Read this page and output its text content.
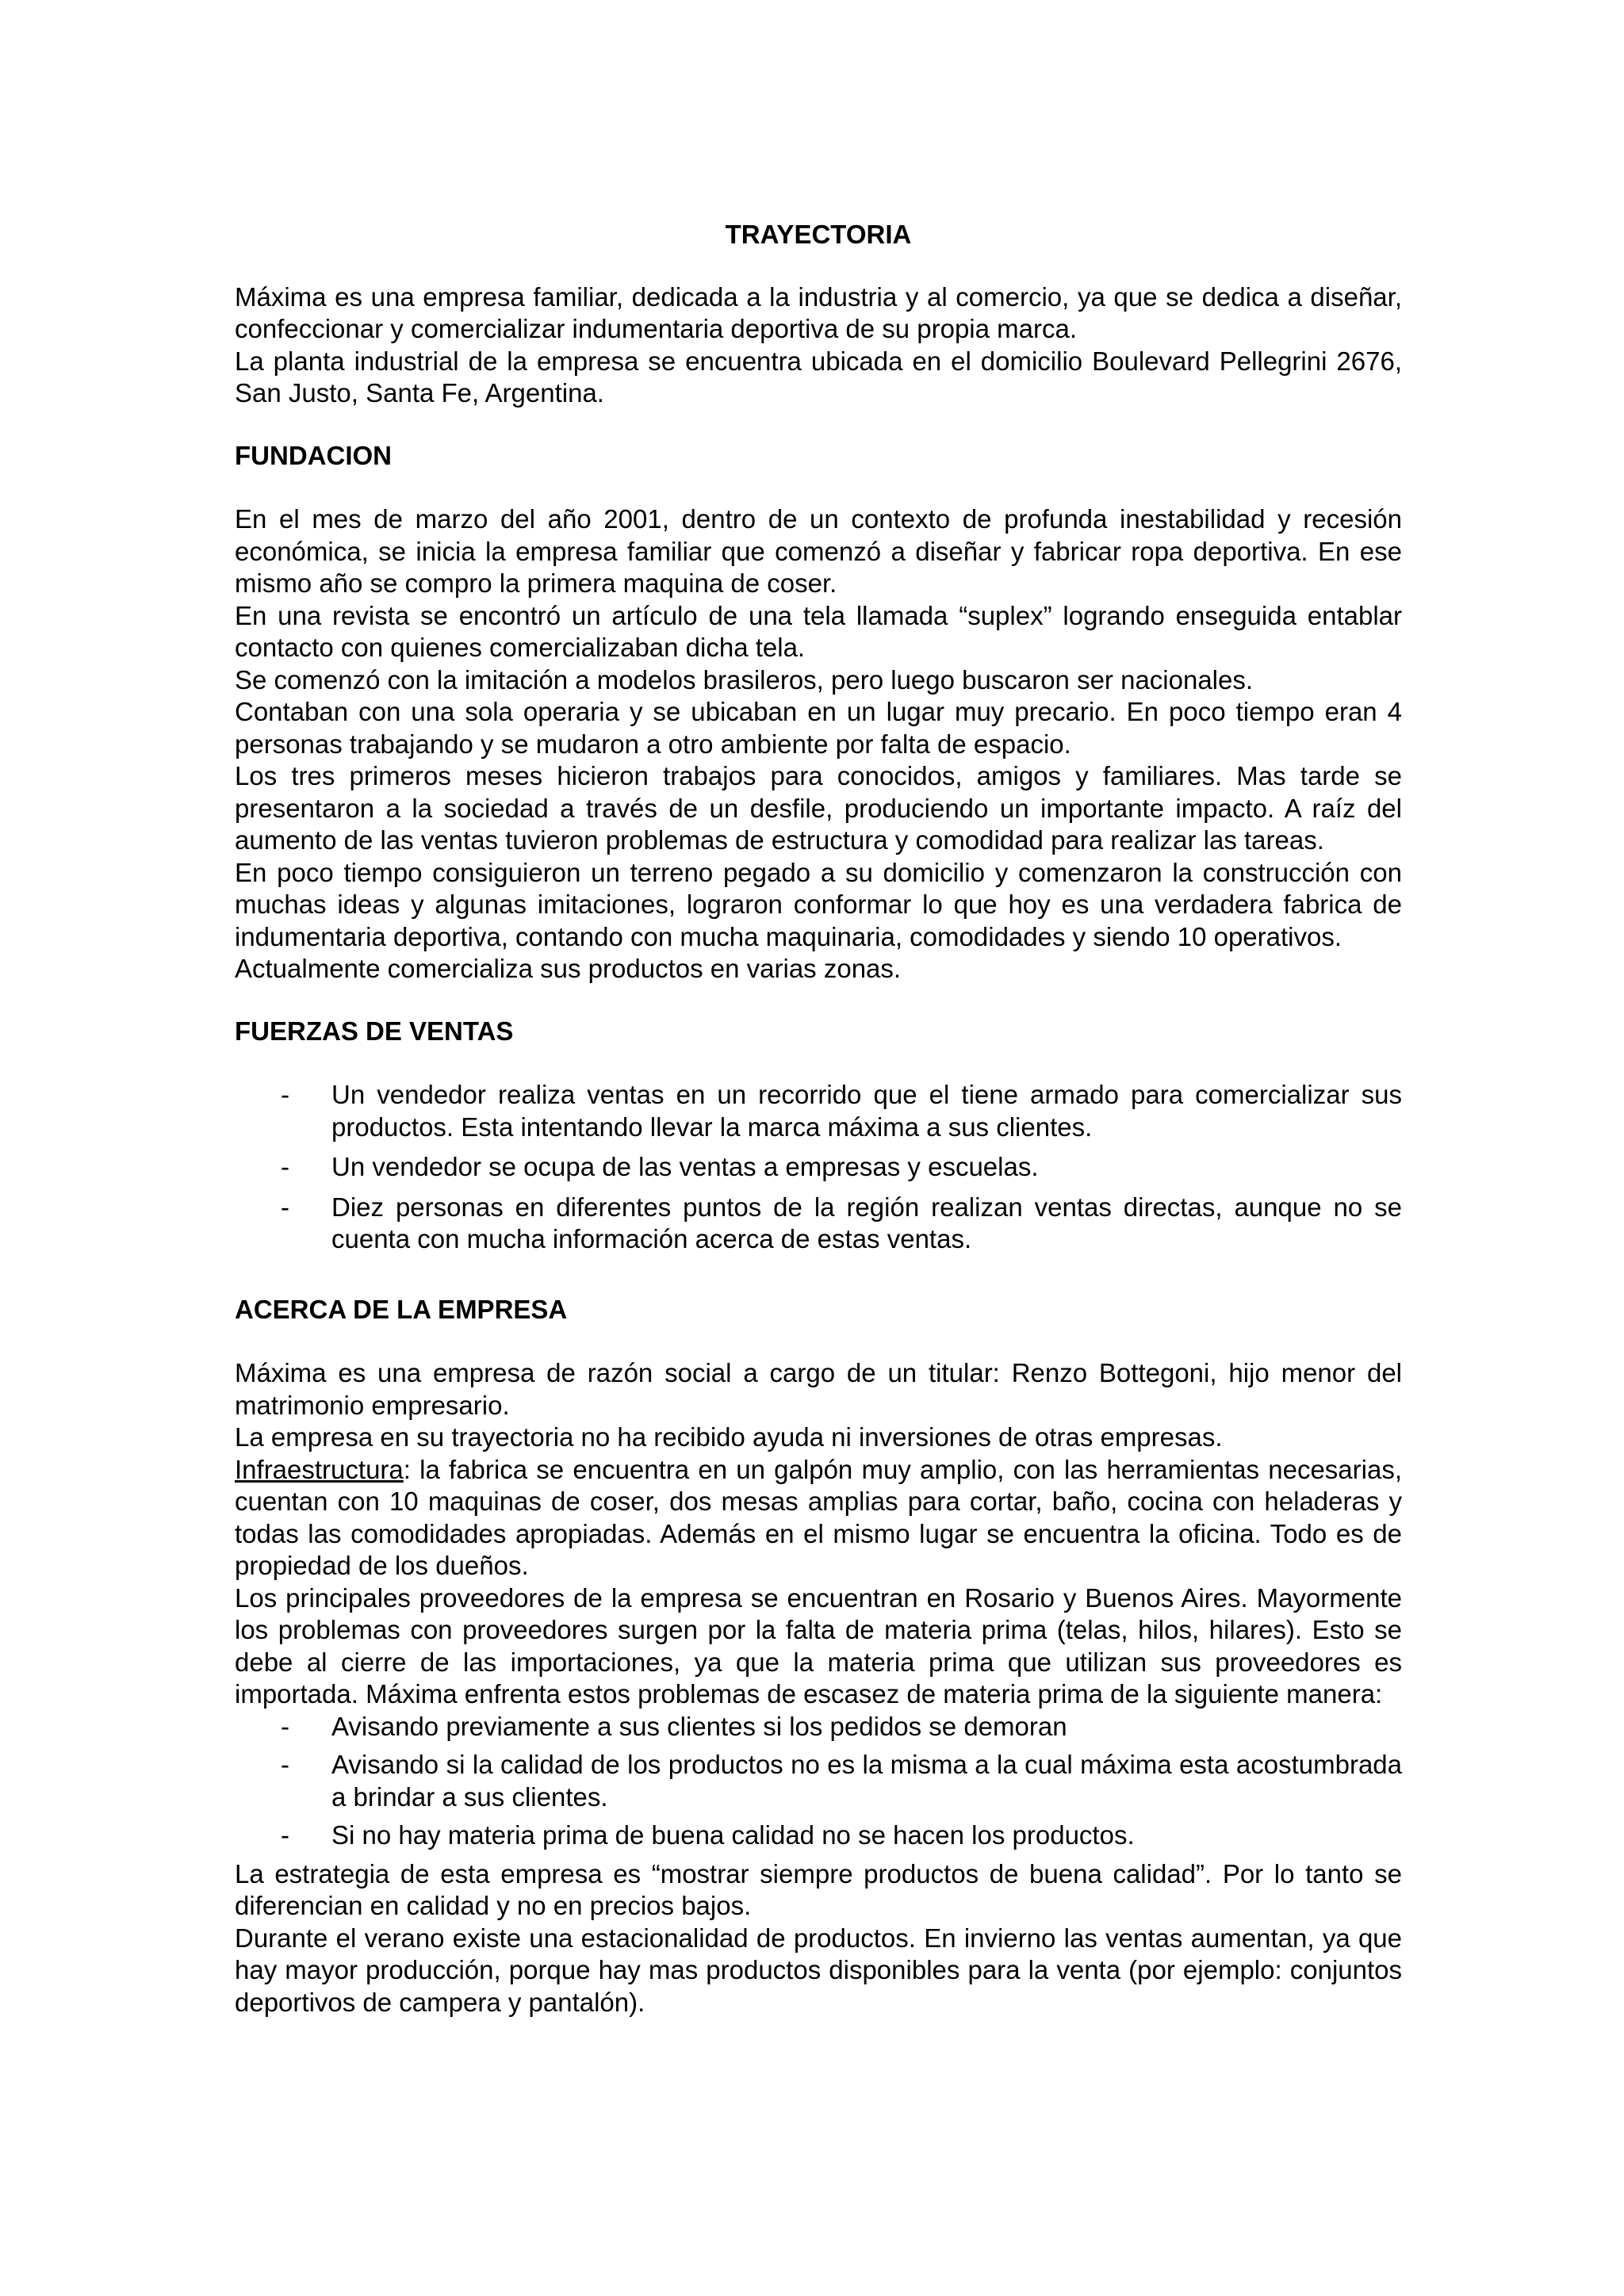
TRAYECTORIA

Máxima es una empresa familiar, dedicada a la industria y al comercio, ya que se dedica a diseñar, confeccionar y comercializar indumentaria deportiva de su propia marca.

La planta industrial de la empresa se encuentra ubicada en el domicilio Boulevard Pellegrini 2676, San Justo, Santa Fe, Argentina.

FUNDACION

En el mes de marzo del año 2001, dentro de un contexto de profunda inestabilidad y recesión económica, se inicia la empresa familiar que comenzó a diseñar y fabricar ropa deportiva. En ese mismo año se compro la primera maquina de coser.

En una revista se encontró un artículo de una tela llamada “suplex” logrando enseguida entablar contacto con quienes comercializaban dicha tela.

Se comenzó con la imitación a modelos brasileros, pero luego buscaron ser nacionales.

Contaban con una sola operaria y se ubicaban en un lugar muy precario. En poco tiempo eran 4 personas trabajando y se mudaron a otro ambiente por falta de espacio.

Los tres primeros meses hicieron trabajos para conocidos, amigos y familiares. Mas tarde se presentaron a la sociedad a través de un desfile, produciendo un importante impacto. A raíz del aumento de las ventas tuvieron problemas de estructura y comodidad para realizar las tareas.

En poco tiempo consiguieron un terreno pegado a su domicilio y comenzaron la construcción con muchas ideas y algunas imitaciones, lograron conformar lo que hoy es una verdadera fabrica de indumentaria deportiva, contando con mucha maquinaria, comodidades y siendo 10 operativos.

Actualmente comercializa sus productos en varias zonas.

FUERZAS DE VENTAS
- Un vendedor realiza ventas en un recorrido que el tiene armado para comercializar sus productos. Esta intentando llevar la marca máxima a sus clientes.
- Un vendedor se ocupa de las ventas a empresas y escuelas.
- Diez personas en diferentes puntos de la región realizan ventas directas, aunque no se cuenta con mucha información acerca de estas ventas.
ACERCA DE LA EMPRESA

Máxima es una empresa de razón social a cargo de un titular: Renzo Bottegoni, hijo menor del matrimonio empresario.

La empresa en su trayectoria no ha recibido ayuda ni inversiones de otras empresas.

Infraestructura: la fabrica se encuentra en un galpón muy amplio, con las herramientas necesarias, cuentan con 10 maquinas de coser, dos mesas amplias para cortar, baño, cocina con heladeras y todas las comodidades apropiadas. Además en el mismo lugar se encuentra la oficina. Todo es de propiedad de los dueños.

Los principales proveedores de la empresa se encuentran en Rosario y Buenos Aires. Mayormente los problemas con proveedores surgen por la falta de materia prima (telas, hilos, hilares). Esto se debe al cierre de las importaciones, ya que la materia prima que utilizan sus proveedores es importada. Máxima enfrenta estos problemas de escasez de materia prima de la siguiente manera:

- Avisando previamente a sus clientes si los pedidos se demoran
- Avisando si la calidad de los productos no es la misma a la cual máxima esta acostumbrada a brindar a sus clientes.
- Si no hay materia prima de buena calidad no se hacen los productos.

La estrategia de esta empresa es “mostrar siempre productos de buena calidad”. Por lo tanto se diferencian en calidad y no en precios bajos.

Durante el verano existe una estacionalidad de productos. En invierno las ventas aumentan, ya que hay mayor producción, porque hay mas productos disponibles para la venta (por ejemplo: conjuntos deportivos de campera y pantalón).
